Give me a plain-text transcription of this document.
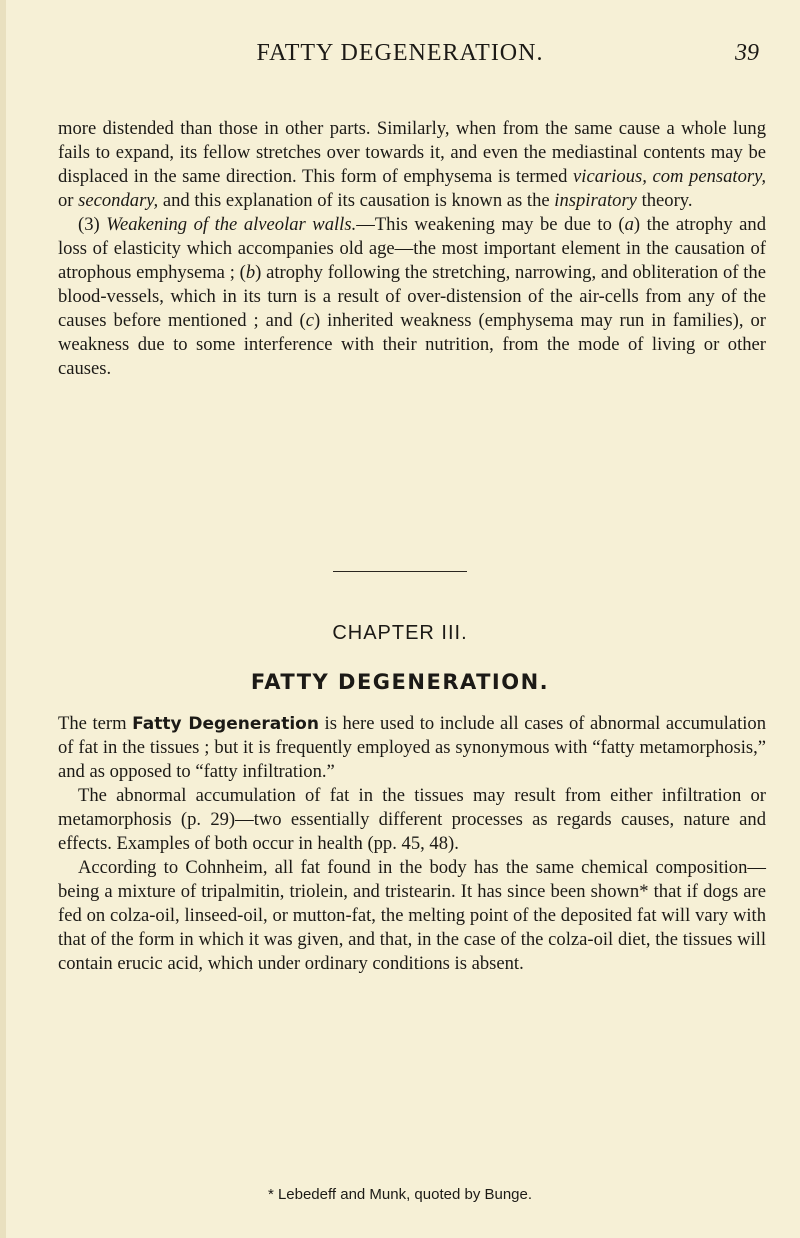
FATTY DEGENERATION.	39

more distended than those in other parts. Similarly, when from the same cause a whole lung fails to expand, its fellow stretches over towards it, and even the mediastinal contents may be displaced in the same direction. This form of emphysema is termed vicarious, com pensatory, or secondary, and this explanation of its causation is known as the inspiratory theory.

(3) Weakening of the alveolar walls.—This weakening may be due to (a) the atrophy and loss of elasticity which accompanies old age—the most important element in the causation of atrophous emphysema ; (b) atrophy following the stretching, narrowing, and obliteration of the blood-vessels, which in its turn is a result of over-distension of the air-cells from any of the causes before mentioned ; and (c) inherited weakness (emphysema may run in families), or weakness due to some interference with their nutrition, from the mode of living or other causes.

CHAPTER III.
FATTY DEGENERATION.

The term Fatty Degeneration is here used to include all cases of abnormal accumulation of fat in the tissues ; but it is frequently employed as synonymous with “fatty metamorphosis,” and as opposed to “fatty infiltration.”

The abnormal accumulation of fat in the tissues may result from either infiltration or metamorphosis (p. 29)—two essentially different processes as regards causes, nature and effects. Examples of both occur in health (pp. 45, 48).

According to Cohnheim, all fat found in the body has the same chemical composition—being a mixture of tripalmitin, triolein, and tristearin. It has since been shown* that if dogs are fed on colza-oil, linseed-oil, or mutton-fat, the melting point of the deposited fat will vary with that of the form in which it was given, and that, in the case of the colza-oil diet, the tissues will contain erucic acid, which under ordinary conditions is absent.

* Lebedeff and Munk, quoted by Bunge.
